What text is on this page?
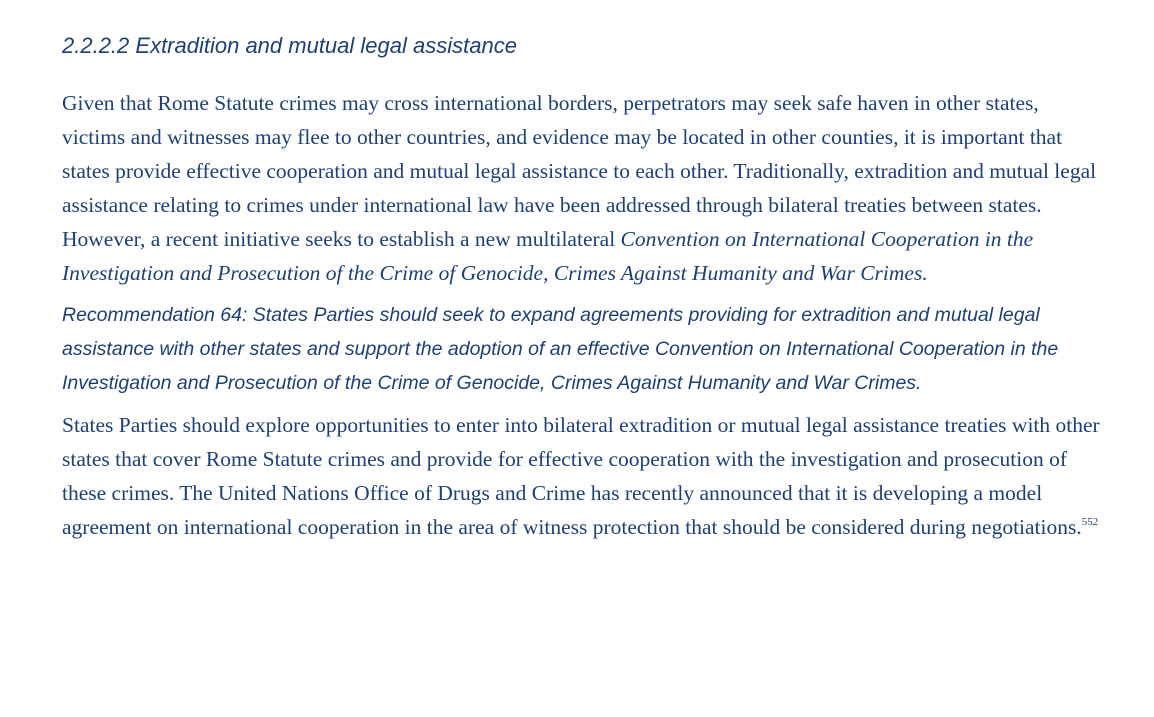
2.2.2.2 Extradition and mutual legal assistance

Given that Rome Statute crimes may cross international borders, perpetrators may seek safe haven in other states, victims and witnesses may flee to other countries, and evidence may be located in other counties, it is important that states provide effective cooperation and mutual legal assistance to each other. Traditionally, extradition and mutual legal assistance relating to crimes under international law have been addressed through bilateral treaties between states. However, a recent initiative seeks to establish a new multilateral Convention on International Cooperation in the Investigation and Prosecution of the Crime of Genocide, Crimes Against Humanity and War Crimes.

Recommendation 64: States Parties should seek to expand agreements providing for extradition and mutual legal assistance with other states and support the adoption of an effective Convention on International Cooperation in the Investigation and Prosecution of the Crime of Genocide, Crimes Against Humanity and War Crimes.

States Parties should explore opportunities to enter into bilateral extradition or mutual legal assistance treaties with other states that cover Rome Statute crimes and provide for effective cooperation with the investigation and prosecution of these crimes. The United Nations Office of Drugs and Crime has recently announced that it is developing a model agreement on international cooperation in the area of witness protection that should be considered during negotiations.$^{552}$
